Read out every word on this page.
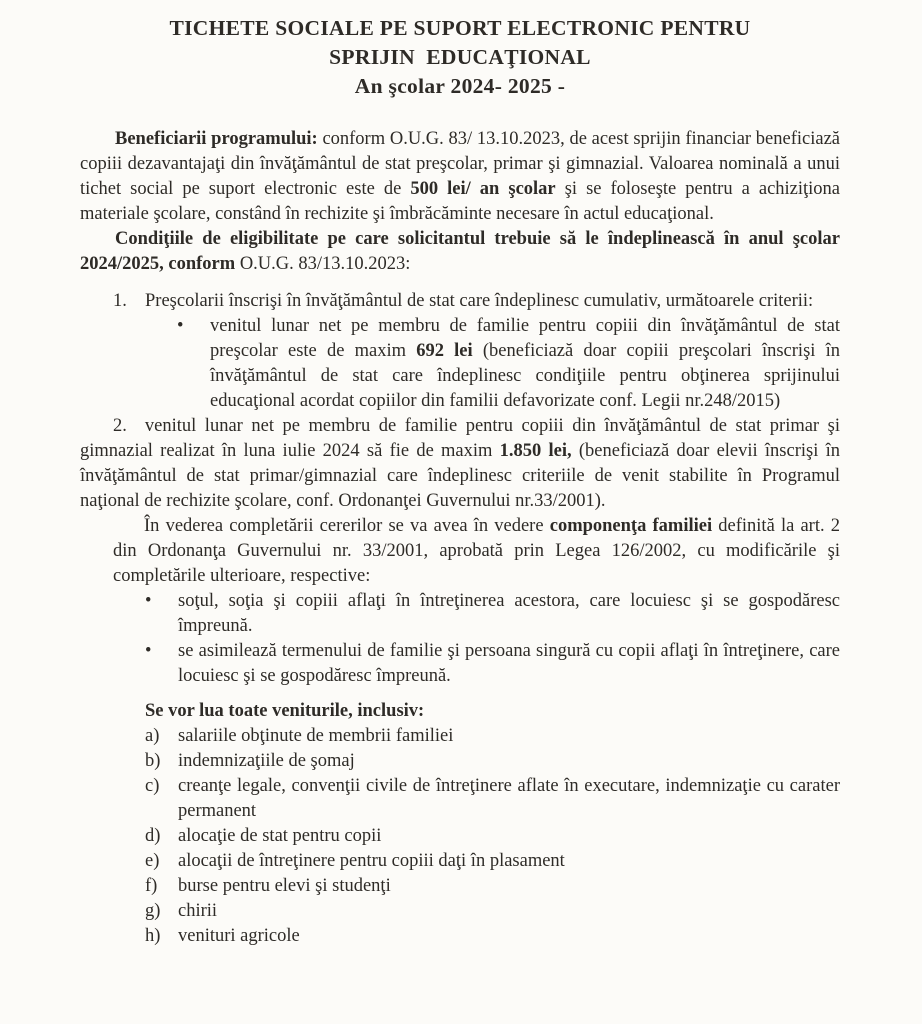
TICHETE SOCIALE PE SUPORT ELECTRONIC PENTRU
SPRIJIN  EDUCAŢIONAL
An şcolar 2024- 2025 -

Beneficiarii programului: conform O.U.G. 83/ 13.10.2023, de acest sprijin financiar beneficiază copiii dezavantajaţi din învăţământul de stat preşcolar, primar şi gimnazial. Valoarea nominală a unui tichet social pe suport electronic este de 500 lei/ an şcolar şi se foloseşte pentru a achiziţiona materiale şcolare, constând în rechizite şi îmbrăcăminte necesare în actul educaţional.

Condiţiile de eligibilitate pe care solicitantul trebuie să le îndeplinească în anul şcolar 2024/2025, conform O.U.G. 83/13.10.2023:

1. Preşcolarii înscrişi în învăţământul de stat care îndeplinesc cumulativ, următoarele criterii:
• venitul lunar net pe membru de familie pentru copiii din învăţământul de stat preşcolar este de maxim 692 lei (beneficiază doar copiii preşcolari înscrişi în învăţământul de stat care îndeplinesc condiţiile pentru obţinerea sprijinului educaţional acordat copiilor din familii defavorizate conf. Legii nr.248/2015)

2. venitul lunar net pe membru de familie pentru copiii din învăţământul de stat primar şi gimnazial realizat în luna iulie 2024 să fie de maxim 1.850 lei, (beneficiază doar elevii înscrişi în învăţământul de stat primar/gimnazial care îndeplinesc criteriile de venit stabilite în Programul naţional de rechizite şcolare, conf. Ordonanţei Guvernului nr.33/2001).

În vederea completării cererilor se va avea în vedere componenţa familiei definită la art. 2 din Ordonanţa Guvernului nr. 33/2001, aprobată prin Legea 126/2002, cu modificările şi completările ulterioare, respective:

• soţul, soţia şi copiii aflaţi în întreţinerea acestora, care locuiesc şi se gospodăresc împreună.
• se asimilează termenului de familie şi persoana singură cu copii aflaţi în întreţinere, care locuiesc şi se gospodăresc împreună.
Se vor lua toate veniturile, inclusiv:
a) salariile obţinute de membrii familiei
b) indemnizaţiile de şomaj
c) creanţe legale, convenţii civile de întreţinere aflate în executare, indemnizaţie cu carater permanent
d) alocaţie de stat pentru copii
e) alocaţii de întreţinere pentru copiii daţi în plasament
f) burse pentru elevi şi studenţi
g) chirii
h) venituri agricole
